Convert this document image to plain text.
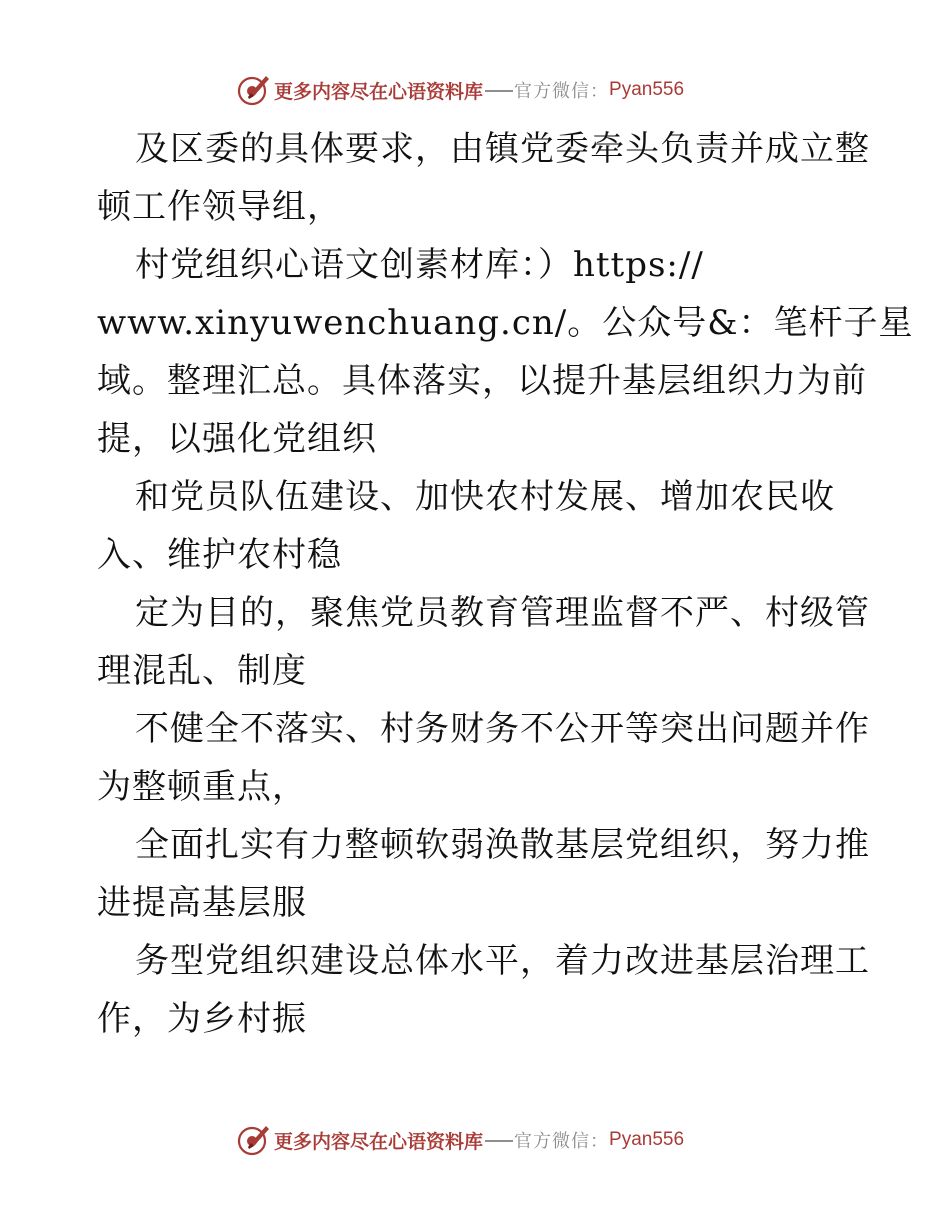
更多内容尽在心语资料库 官方微信： Pyan556
及区委的具体要求，由镇党委牵头负责并成立整
顿工作领导组，
村党组织心语文创素材库：）https://
www.xinyuwenchuang.cn/。公众号&：笔杆子星
域。整理汇总。具体落实，以提升基层组织力为前
提，以强化党组织
和党员队伍建设、加快农村发展、增加农民收
入、维护农村稳
定为目的，聚焦党员教育管理监督不严、村级管
理混乱、制度
不健全不落实、村务财务不公开等突出问题并作
为整顿重点，
全面扎实有力整顿软弱涣散基层党组织，努力推
进提高基层服
务型党组织建设总体水平，着力改进基层治理工
作，为乡村振
更多内容尽在心语资料库 官方微信： Pyan556
